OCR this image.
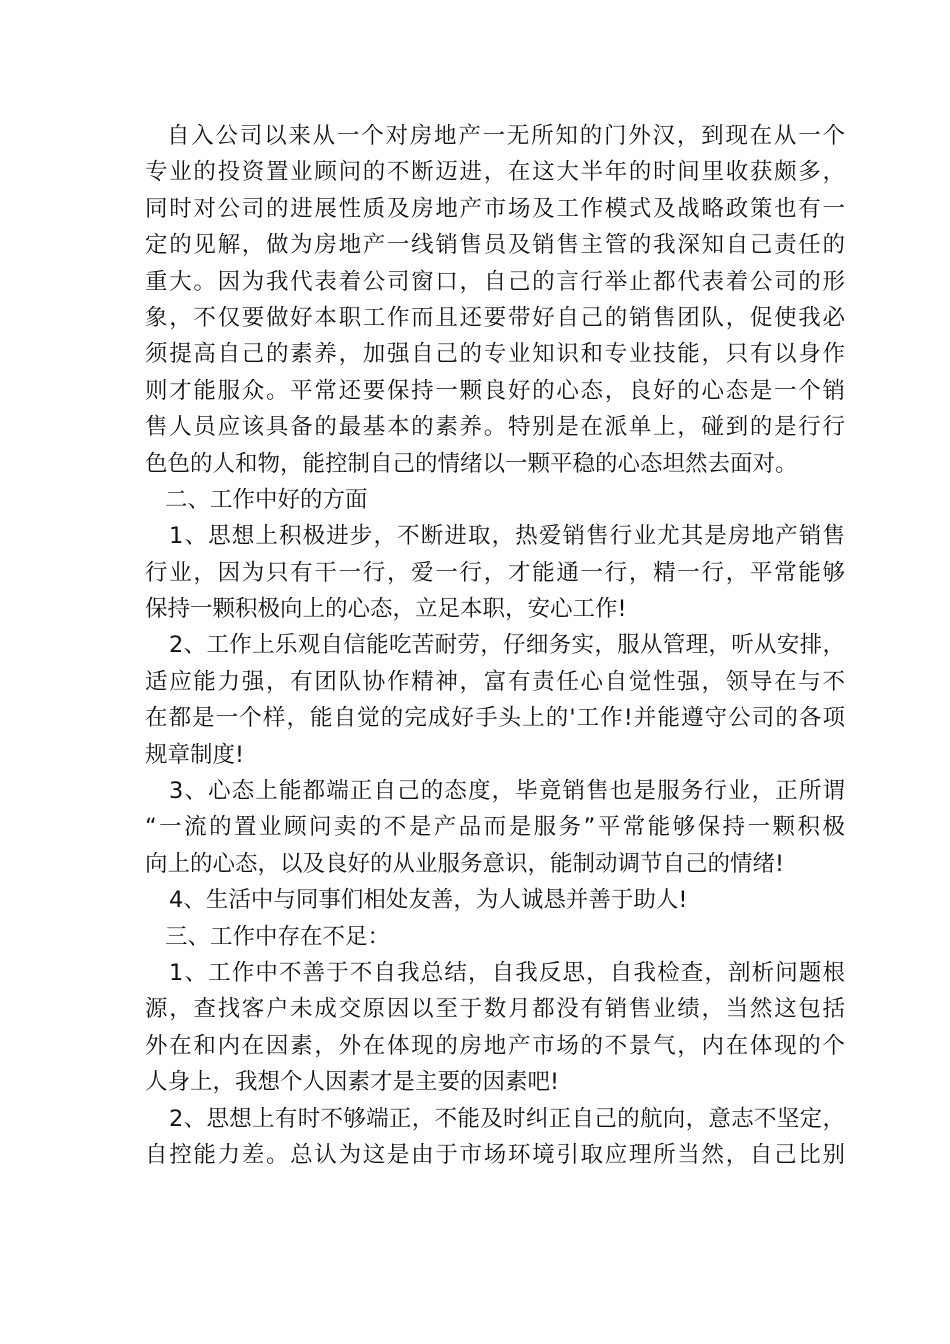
自入公司以来从一个对房地产一无所知的门外汉，到现在从一个
专业的投资置业顾问的不断迈进，在这大半年的时间里收获颇多，
同时对公司的进展性质及房地产市场及工作模式及战略政策也有一
定的见解，做为房地产一线销售员及销售主管的我深知自己责任的
重大。因为我代表着公司窗口，自己的言行举止都代表着公司的形
象，不仅要做好本职工作而且还要带好自己的销售团队，促使我必
须提高自己的素养，加强自己的专业知识和专业技能，只有以身作
则才能服众。平常还要保持一颗良好的心态，良好的心态是一个销
售人员应该具备的最基本的素养。特别是在派单上，碰到的是行行
色色的人和物，能控制自己的情绪以一颗平稳的心态坦然去面对。
二、工作中好的方面
1、思想上积极进步，不断进取，热爱销售行业尤其是房地产销售
行业，因为只有干一行，爱一行，才能通一行，精一行，平常能够
保持一颗积极向上的心态，立足本职，安心工作!
2、工作上乐观自信能吃苦耐劳，仔细务实，服从管理，听从安排，
适应能力强，有团队协作精神，富有责任心自觉性强，领导在与不
在都是一个样，能自觉的完成好手头上的'工作!并能遵守公司的各项
规章制度!
3、心态上能都端正自己的态度，毕竟销售也是服务行业，正所谓
“一流的置业顾问卖的不是产品而是服务”平常能够保持一颗积极
向上的心态，以及良好的从业服务意识，能制动调节自己的情绪!
4、生活中与同事们相处友善，为人诚恳并善于助人!
三、工作中存在不足：
1、工作中不善于不自我总结，自我反思，自我检查，剖析问题根
源，查找客户未成交原因以至于数月都没有销售业绩，当然这包括
外在和内在因素，外在体现的房地产市场的不景气，内在体现的个
人身上，我想个人因素才是主要的因素吧!
2、思想上有时不够端正，不能及时纠正自己的航向，意志不坚定，
自控能力差。总认为这是由于市场环境引取应理所当然，自己比别
